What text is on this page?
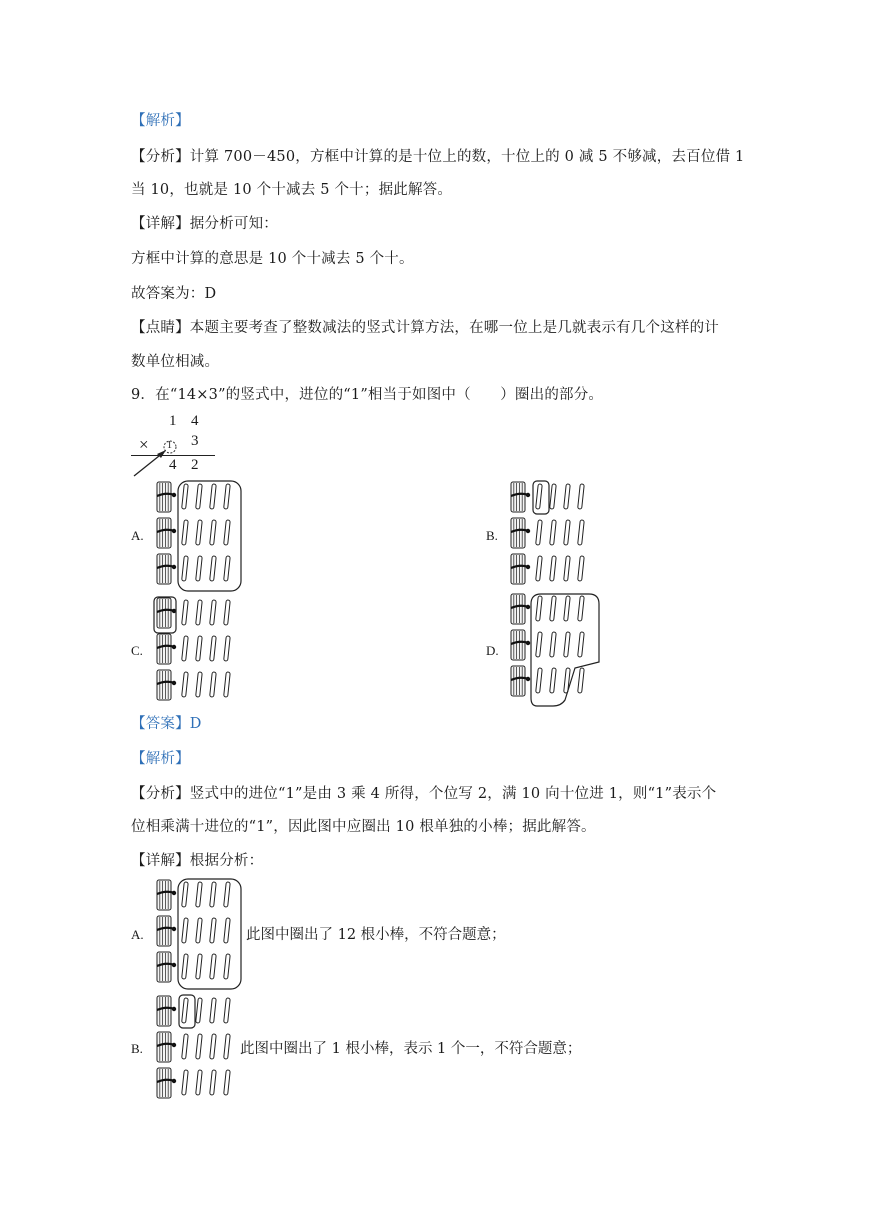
【解析】
【分析】计算 700－450，方框中计算的是十位上的数，十位上的 0 减 5 不够减，去百位借 1
当 10，也就是 10 个十减去 5 个十；据此解答。
【详解】据分析可知：
方框中计算的意思是 10 个十减去 5 个十。
故答案为：D
【点睛】本题主要考查了整数减法的竖式计算方法，在哪一位上是几就表示有几个这样的计
数单位相减。
9．在“14×3”的竖式中，进位的“1”相当于如图中（　　）圈出的部分。
1 4
× 1 3
4 2
A.	B.
C.	D.
【答案】D
【解析】
【分析】竖式中的进位“1”是由 3 乘 4 所得，个位写 2，满 10 向十位进 1，则“1”表示个
位相乘满十进位的“1”，因此图中应圈出 10 根单独的小棒；据此解答。
【详解】根据分析：
A.	此图中圈出了 12 根小棒，不符合题意；
B.	此图中圈出了 1 根小棒，表示 1 个一，不符合题意；
